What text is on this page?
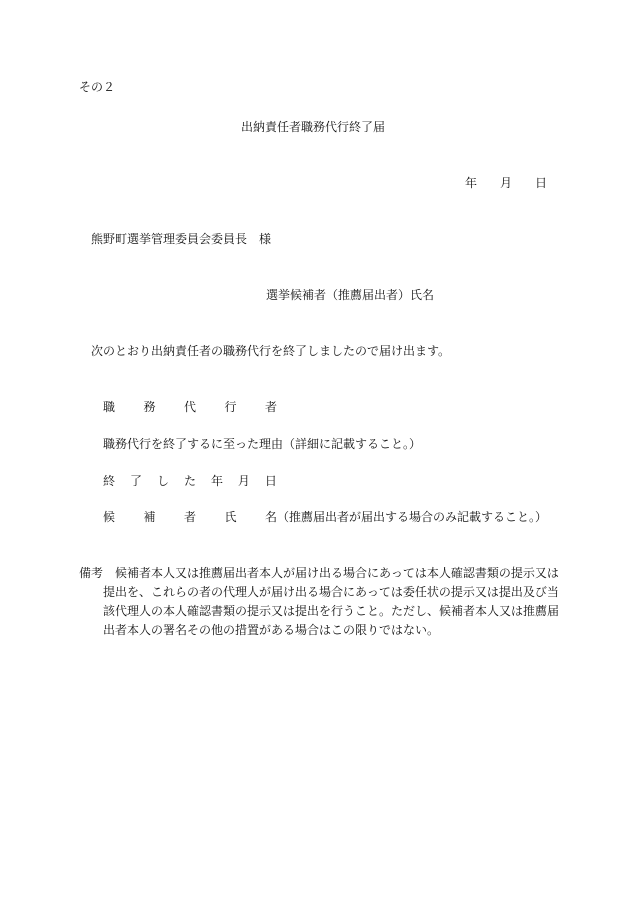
その２
出納責任者職務代行終了届
年 月 日
熊野町選挙管理委員会委員長　様
選挙候補者（推薦届出者）氏名
次のとおり出納責任者の職務代行を終了しましたので届け出ます。
職 務 代 行 者
職務代行を終了するに至った理由（詳細に記載すること。）
終 了 し た 年 月 日
候 補 者 氏 名 （推薦届出者が届出する場合のみ記載すること。）
備考 候補者本人又は推薦届出者本人が届け出る場合にあっては本人確認書類の提示又は
提出を、これらの者の代理人が届け出る場合にあっては委任状の提示又は提出及び当
該代理人の本人確認書類の提示又は提出を行うこと。ただし、候補者本人又は推薦届
出者本人の署名その他の措置がある場合はこの限りではない。
